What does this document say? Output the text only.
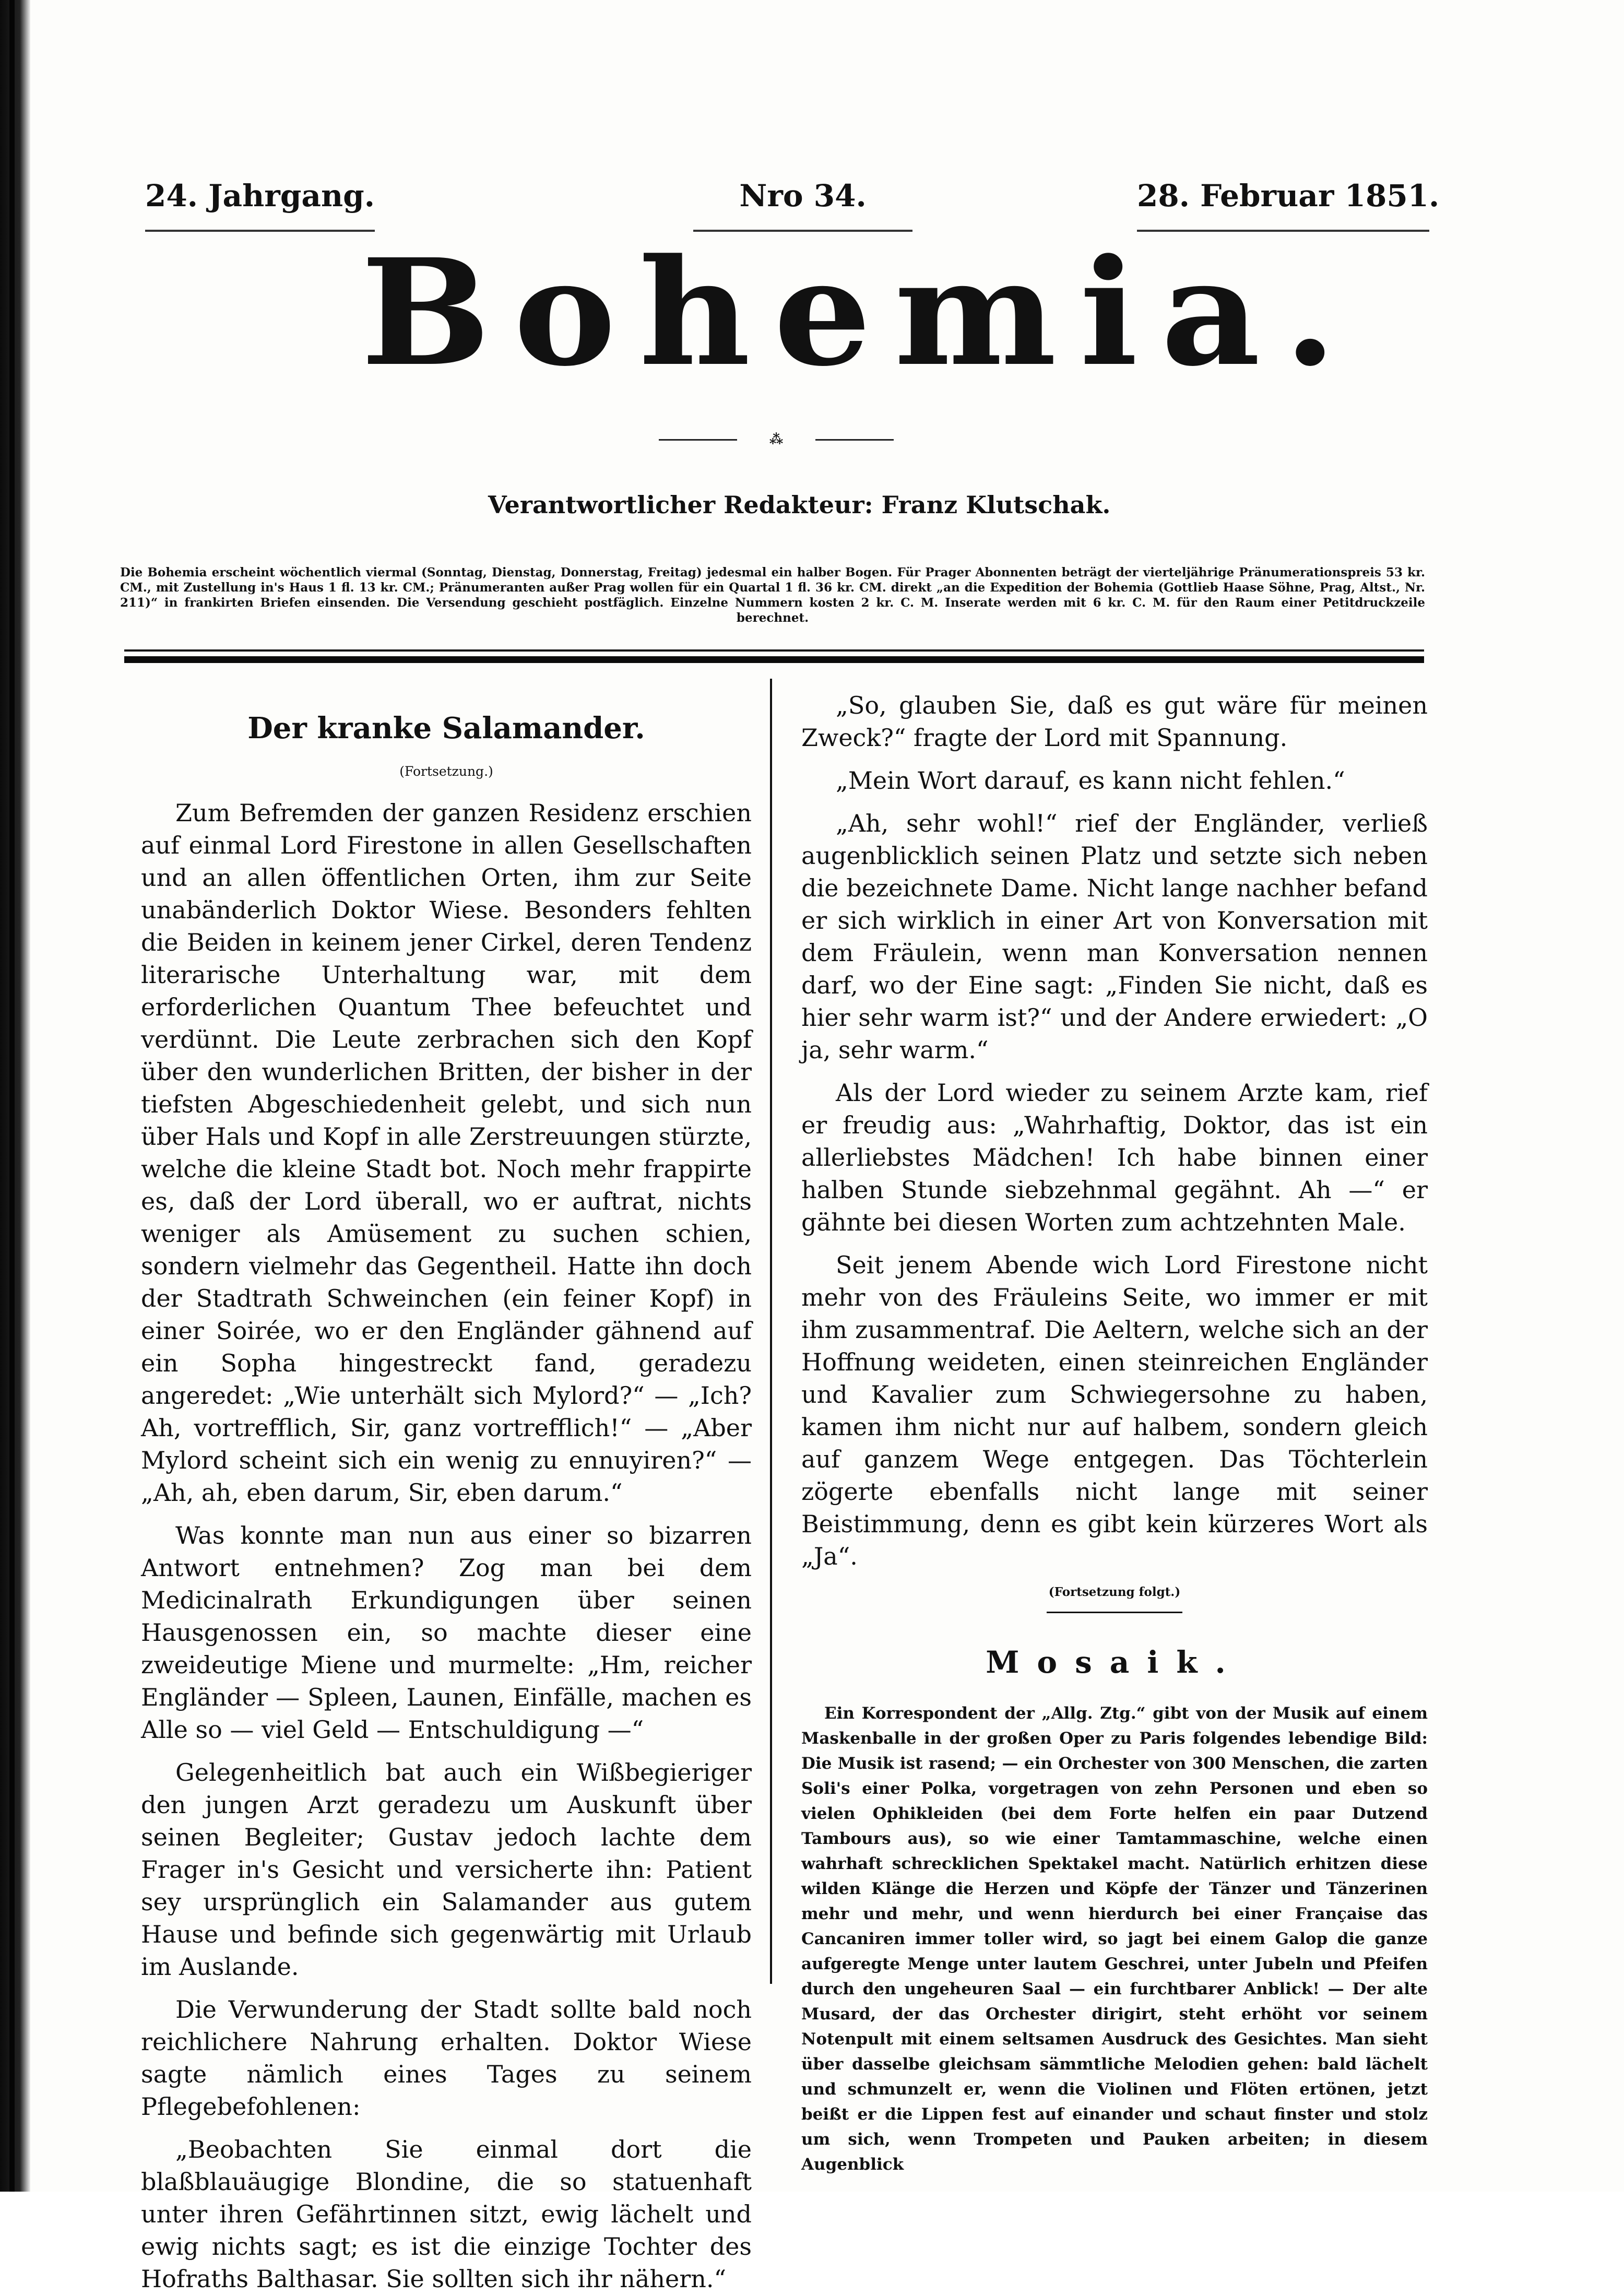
24. Jahrgang.	Nro 34.	28. Februar 1851.
Bohemia.
⁂
Verantwortlicher Redakteur: Franz Klutschak.
Die Bohemia erscheint wöchentlich viermal (Sonntag, Dienstag, Donnerstag, Freitag) jedesmal ein halber Bogen. Für Prager Abonnenten beträgt der vierteljährige Pränumerationspreis 53 kr. CM., mit Zustellung in's Haus 1 fl. 13 kr. CM.; Pränumeranten außer Prag wollen für ein Quartal 1 fl. 36 kr. CM. direkt „an die Expedition der Bohemia (Gottlieb Haase Söhne, Prag, Altst., Nr. 211)“ in frankirten Briefen einsenden. Die Versendung geschieht postfäglich. Einzelne Nummern kosten 2 kr. C. M. Inserate werden mit 6 kr. C. M. für den Raum einer Petitdruckzeile berechnet.
Der kranke Salamander.
(Fortsetzung.)

Zum Befremden der ganzen Residenz erschien auf einmal Lord Firestone in allen Gesellschaften und an allen öffentlichen Orten, ihm zur Seite unabänderlich Doktor Wiese. Besonders fehlten die Beiden in keinem jener Cirkel, deren Tendenz literarische Unterhaltung war, mit dem erforderlichen Quantum Thee befeuchtet und verdünnt. Die Leute zerbrachen sich den Kopf über den wunderlichen Britten, der bisher in der tiefsten Abgeschiedenheit gelebt, und sich nun über Hals und Kopf in alle Zerstreuungen stürzte, welche die kleine Stadt bot. Noch mehr frappirte es, daß der Lord überall, wo er auftrat, nichts weniger als Amüsement zu suchen schien, sondern vielmehr das Gegentheil. Hatte ihn doch der Stadtrath Schweinchen (ein feiner Kopf) in einer Soirée, wo er den Engländer gähnend auf ein Sopha hingestreckt fand, geradezu angeredet: „Wie unterhält sich Mylord?“ — „Ich? Ah, vortrefflich, Sir, ganz vortrefflich!“ — „Aber Mylord scheint sich ein wenig zu ennuyiren?“ — „Ah, ah, eben darum, Sir, eben darum.“

Was konnte man nun aus einer so bizarren Antwort entnehmen? Zog man bei dem Medicinalrath Erkundigungen über seinen Hausgenossen ein, so machte dieser eine zweideutige Miene und murmelte: „Hm, reicher Engländer — Spleen, Launen, Einfälle, machen es Alle so — viel Geld — Entschuldigung —“

Gelegenheitlich bat auch ein Wißbegieriger den jungen Arzt geradezu um Auskunft über seinen Begleiter; Gustav jedoch lachte dem Frager in's Gesicht und versicherte ihn: Patient sey ursprünglich ein Salamander aus gutem Hause und befinde sich gegenwärtig mit Urlaub im Auslande.

Die Verwunderung der Stadt sollte bald noch reichlichere Nahrung erhalten. Doktor Wiese sagte nämlich eines Tages zu seinem Pflegebefohlenen:

„Beobachten Sie einmal dort die blaßblauäugige Blondine, die so statuenhaft unter ihren Gefährtinnen sitzt, ewig lächelt und ewig nichts sagt; es ist die einzige Tochter des Hofraths Balthasar. Sie sollten sich ihr nähern.“

„So, glauben Sie, daß es gut wäre für meinen Zweck?“ fragte der Lord mit Spannung.

„Mein Wort darauf, es kann nicht fehlen.“

„Ah, sehr wohl!“ rief der Engländer, verließ augenblicklich seinen Platz und setzte sich neben die bezeichnete Dame. Nicht lange nachher befand er sich wirklich in einer Art von Konversation mit dem Fräulein, wenn man Konversation nennen darf, wo der Eine sagt: „Finden Sie nicht, daß es hier sehr warm ist?“ und der Andere erwiedert: „O ja, sehr warm.“

Als der Lord wieder zu seinem Arzte kam, rief er freudig aus: „Wahrhaftig, Doktor, das ist ein allerliebstes Mädchen! Ich habe binnen einer halben Stunde siebzehnmal gegähnt. Ah —“ er gähnte bei diesen Worten zum achtzehnten Male.

Seit jenem Abende wich Lord Firestone nicht mehr von des Fräuleins Seite, wo immer er mit ihm zusammentraf. Die Aeltern, welche sich an der Hoffnung weideten, einen steinreichen Engländer und Kavalier zum Schwiegersohne zu haben, kamen ihm nicht nur auf halbem, sondern gleich auf ganzem Wege entgegen. Das Töchterlein zögerte ebenfalls nicht lange mit seiner Beistimmung, denn es gibt kein kürzeres Wort als „Ja“.

(Fortsetzung folgt.)
Mosaik.

Ein Korrespondent der „Allg. Ztg.“ gibt von der Musik auf einem Maskenballe in der großen Oper zu Paris folgendes lebendige Bild: Die Musik ist rasend; — ein Orchester von 300 Menschen, die zarten Soli's einer Polka, vorgetragen von zehn Personen und eben so vielen Ophikleiden (bei dem Forte helfen ein paar Dutzend Tambours aus), so wie einer Tamtammaschine, welche einen wahrhaft schrecklichen Spektakel macht. Natürlich erhitzen diese wilden Klänge die Herzen und Köpfe der Tänzer und Tänzerinen mehr und mehr, und wenn hierdurch bei einer Française das Cancaniren immer toller wird, so jagt bei einem Galop die ganze aufgeregte Menge unter lautem Geschrei, unter Jubeln und Pfeifen durch den ungeheuren Saal — ein furchtbarer Anblick! — Der alte Musard, der das Orchester dirigirt, steht erhöht vor seinem Notenpult mit einem seltsamen Ausdruck des Gesichtes. Man sieht über dasselbe gleichsam sämmtliche Melodien gehen: bald lächelt und schmunzelt er, wenn die Violinen und Flöten ertönen, jetzt beißt er die Lippen fest auf einander und schaut finster und stolz um sich, wenn Trompeten und Pauken arbeiten; in diesem Augenblick
